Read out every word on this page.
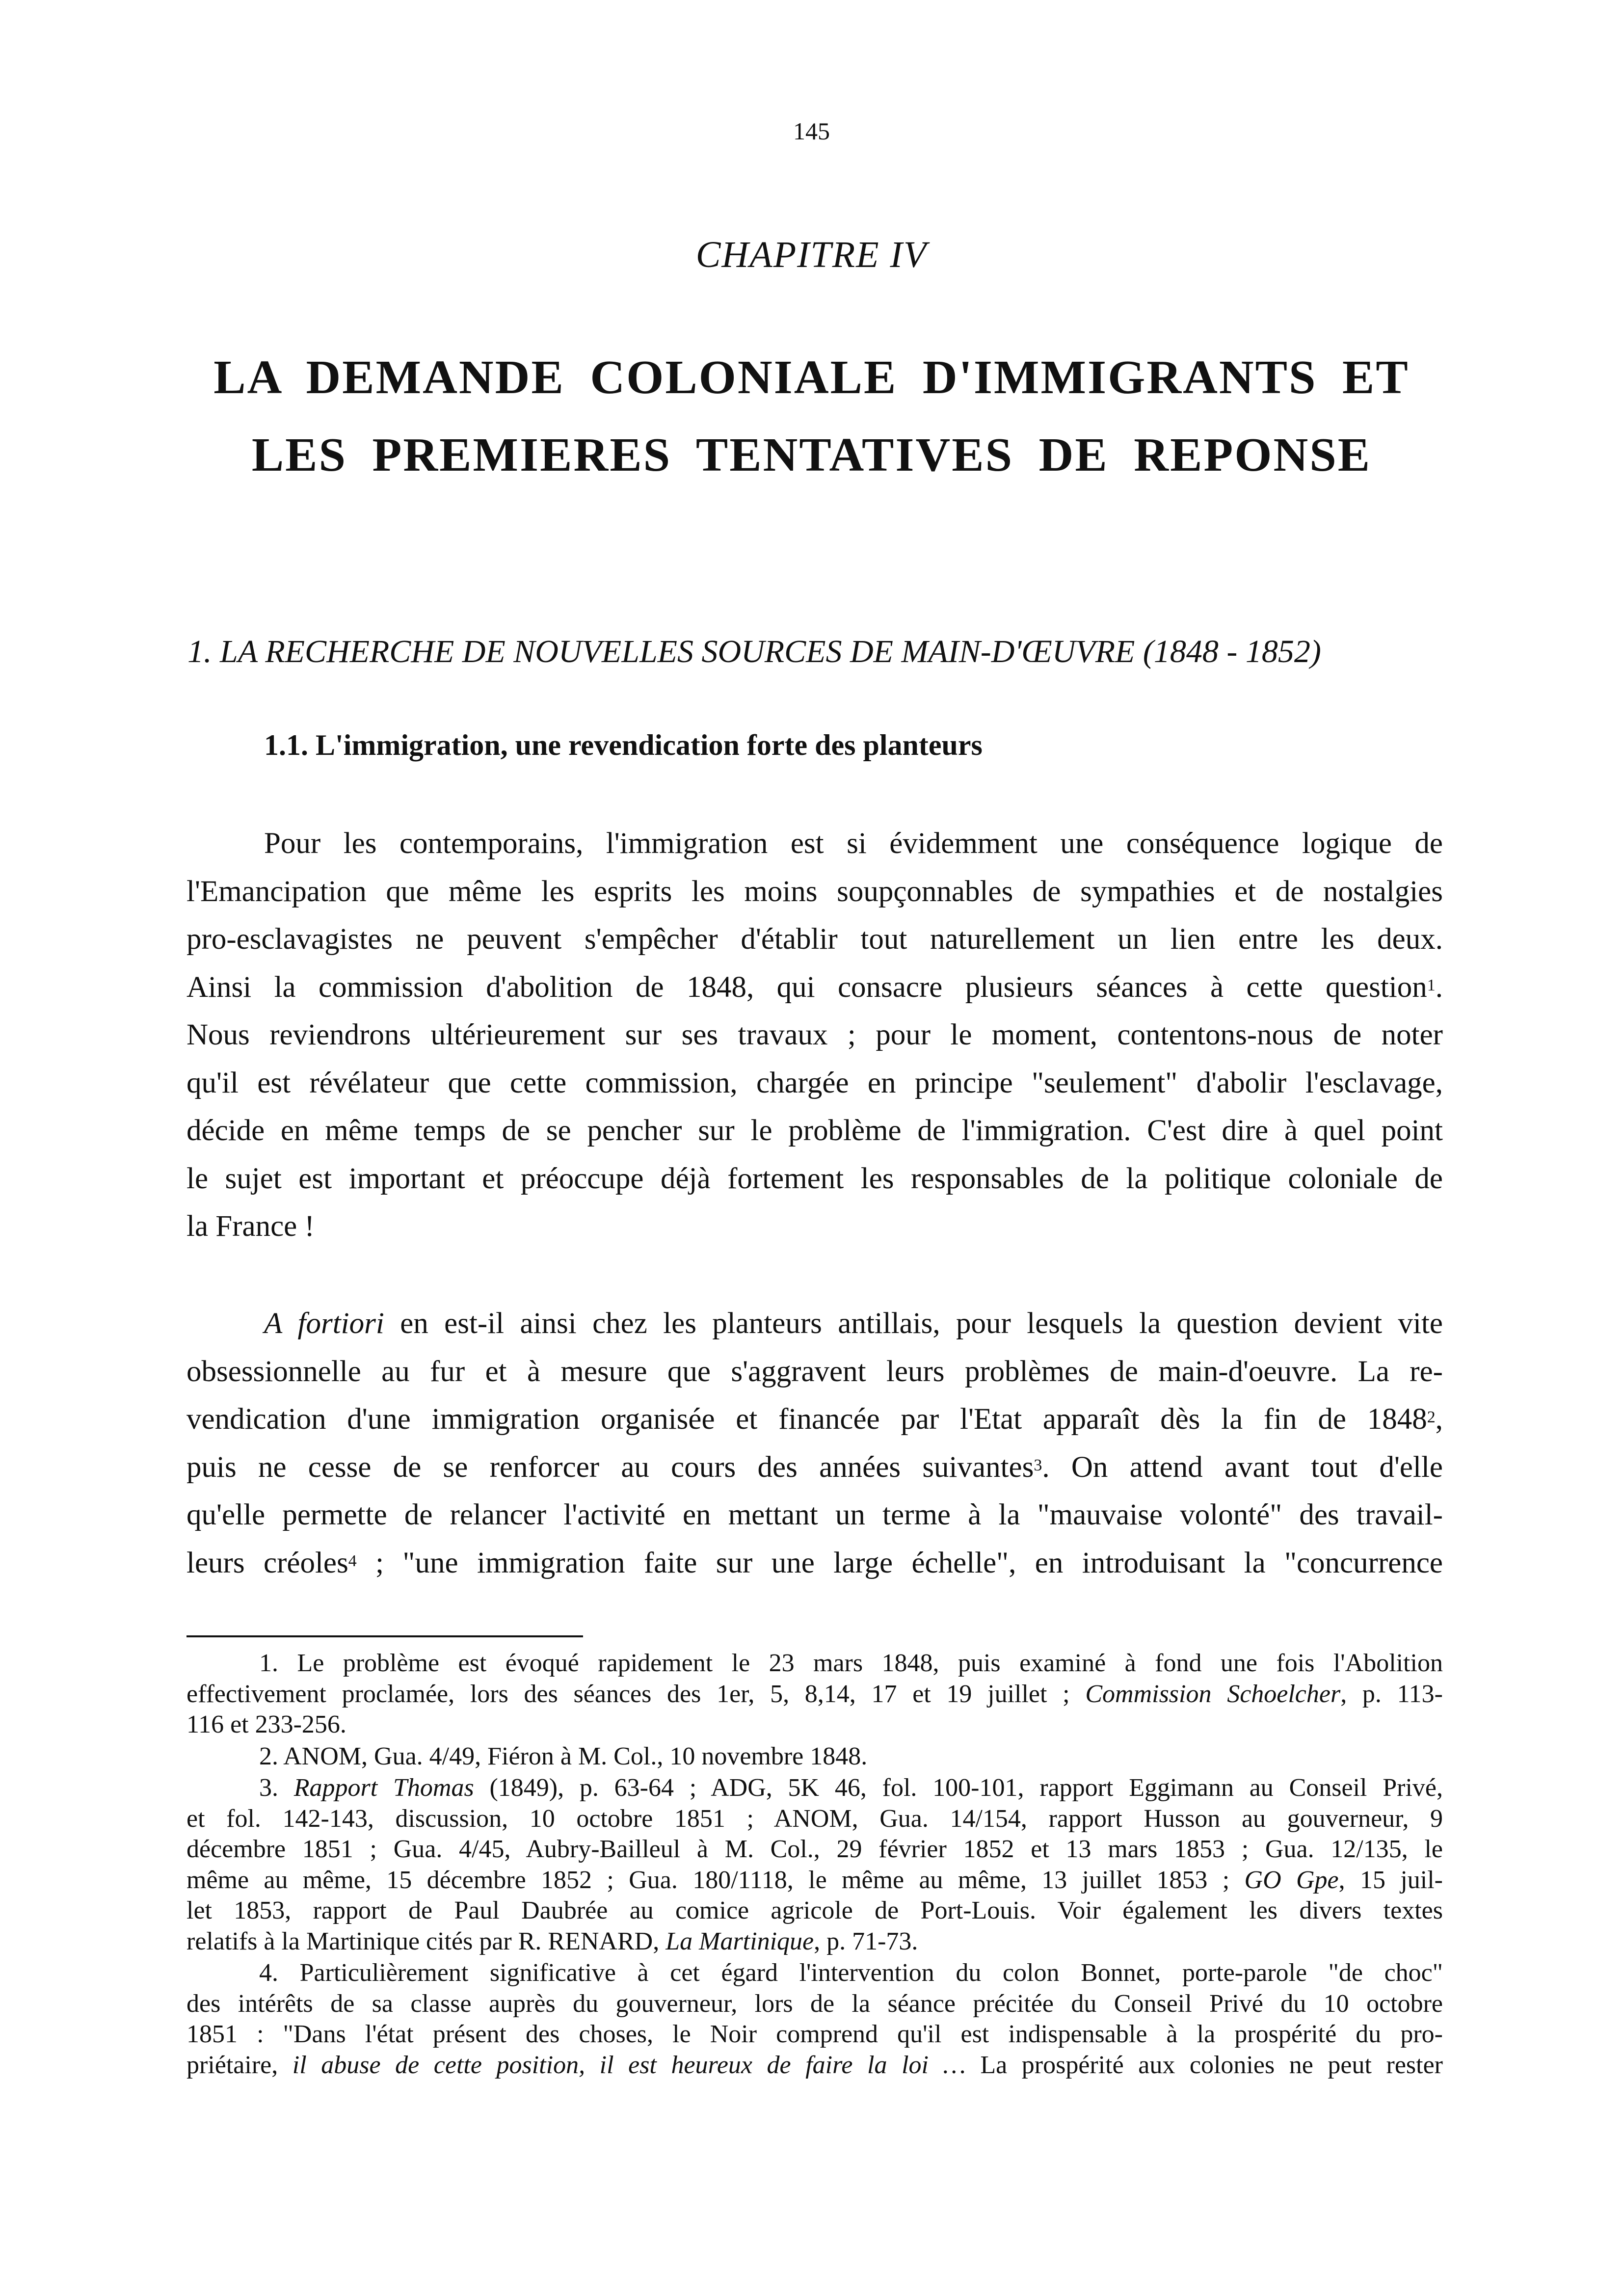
145
CHAPITRE IV
LA DEMANDE COLONIALE D'IMMIGRANTS ET
LES PREMIERES TENTATIVES DE REPONSE
1. LA RECHERCHE DE NOUVELLES SOURCES DE MAIN-D'ŒUVRE (1848 - 1852)
1.1. L'immigration, une revendication forte des planteurs
Pour les contemporains, l'immigration est si évidemment une conséquence logique de
l'Emancipation que même les esprits les moins soupçonnables de sympathies et de nostalgies
pro-esclavagistes ne peuvent s'empêcher d'établir tout naturellement un lien entre les deux.
Ainsi la commission d'abolition de 1848, qui consacre plusieurs séances à cette question$^1$.
Nous reviendrons ultérieurement sur ses travaux ; pour le moment, contentons-nous de noter
qu'il est révélateur que cette commission, chargée en principe "seulement" d'abolir l'esclavage,
décide en même temps de se pencher sur le problème de l'immigration. C'est dire à quel point
le sujet est important et préoccupe déjà fortement les responsables de la politique coloniale de
la France !
A fortiori en est-il ainsi chez les planteurs antillais, pour lesquels la question devient vite
obsessionnelle au fur et à mesure que s'aggravent leurs problèmes de main-d'oeuvre. La re-
vendication d'une immigration organisée et financée par l'Etat apparaît dès la fin de 1848$^2$,
puis ne cesse de se renforcer au cours des années suivantes$^3$. On attend avant tout d'elle
qu'elle permette de relancer l'activité en mettant un terme à la "mauvaise volonté" des travail-
leurs créoles$^4$ ; "une immigration faite sur une large échelle", en introduisant la "concurrence
1. Le problème est évoqué rapidement le 23 mars 1848, puis examiné à fond une fois l'Abolition
effectivement proclamée, lors des séances des 1er, 5, 8,14, 17 et 19 juillet ; Commission Schoelcher, p. 113-
116 et 233-256.
2. ANOM, Gua. 4/49, Fiéron à M. Col., 10 novembre 1848.
3. Rapport Thomas (1849), p. 63-64 ; ADG, 5K 46, fol. 100-101, rapport Eggimann au Conseil Privé,
et fol. 142-143, discussion, 10 octobre 1851 ; ANOM, Gua. 14/154, rapport Husson au gouverneur, 9
décembre 1851 ; Gua. 4/45, Aubry-Bailleul à M. Col., 29 février 1852 et 13 mars 1853 ; Gua. 12/135, le
même au même, 15 décembre 1852 ; Gua. 180/1118, le même au même, 13 juillet 1853 ; GO Gpe, 15 juil-
let 1853, rapport de Paul Daubrée au comice agricole de Port-Louis. Voir également les divers textes
relatifs à la Martinique cités par R. RENARD, La Martinique, p. 71-73.
4. Particulièrement significative à cet égard l'intervention du colon Bonnet, porte-parole "de choc"
des intérêts de sa classe auprès du gouverneur, lors de la séance précitée du Conseil Privé du 10 octobre
1851 : "Dans l'état présent des choses, le Noir comprend qu'il est indispensable à la prospérité du pro-
priétaire, il abuse de cette position, il est heureux de faire la loi … La prospérité aux colonies ne peut rester
